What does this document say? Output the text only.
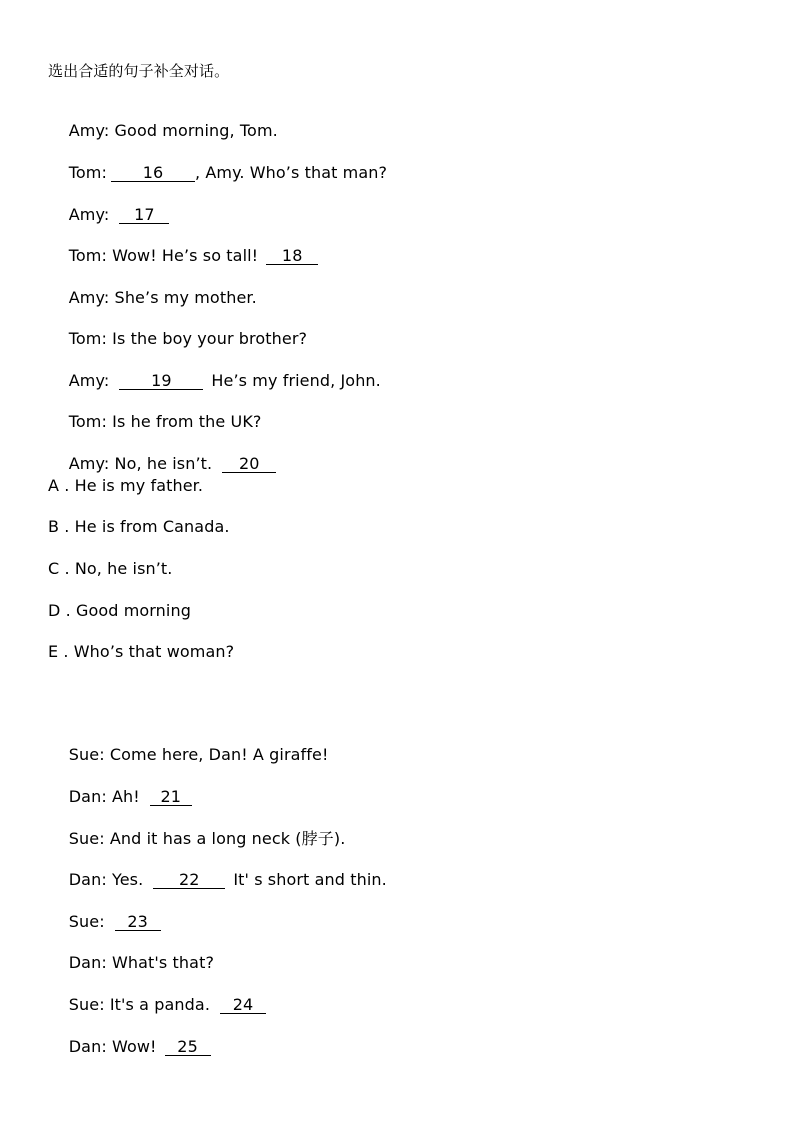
选出合适的句子补全对话。

Amy: Good morning, Tom.

Tom: 16 , Amy. Who’s that man?

Amy: 17

Tom: Wow! He’s so tall! 18

Amy: She’s my mother.

Tom: Is the boy your brother?

Amy:	19 He’s my friend, John.

Tom: Is he from the UK?

Amy: No, he isn’t. 20

A . He is my father.
B . He is from Canada.
C . No, he isn’t.
D . Good morning
E . Who’s that woman?

Sue: Come here, Dan! A giraffe!

Dan: Ah! 21

Sue: And it has a long neck (脖子).

Dan: Yes. 22 It' s short and thin.

Sue: 23

Dan: What's that?

Sue: It's a panda. 24

Dan: Wow! 25
